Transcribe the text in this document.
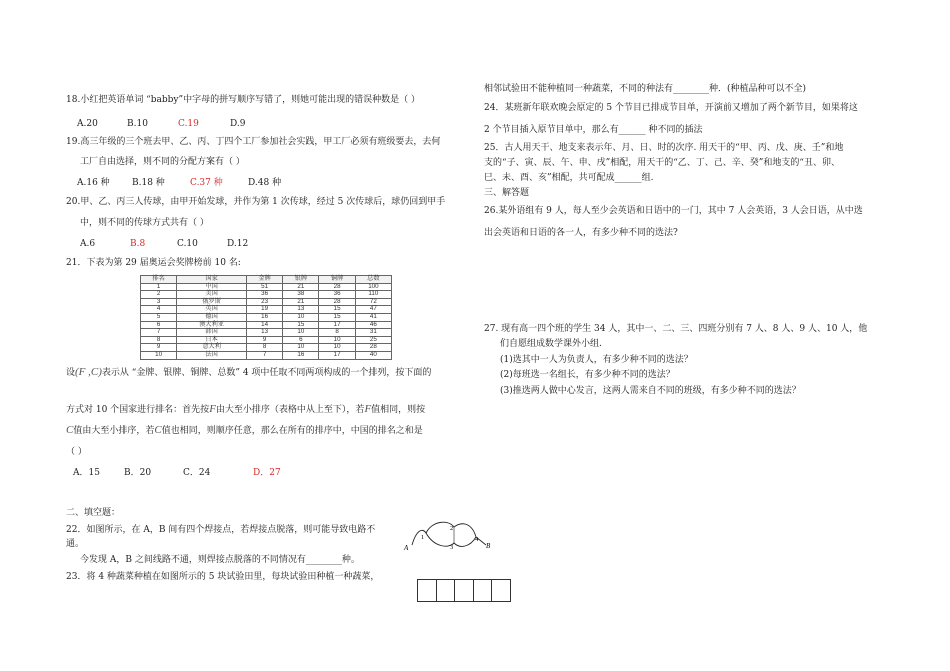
18.小红把英语单词 “babby”中字母的拼写顺序写错了，则她可能出现的错误种数是（ ）
A.20	B.10	C.19	D.9
19.高三年级的三个班去甲、乙、丙、丁四个工厂参加社会实践，甲工厂必须有班级要去，去何
工厂自由选择，则不同的分配方案有（ ）
A.16 种 B.18 种	C.37 种	D.48 种
20.甲、乙、丙三人传球，由甲开始发球，并作为第 1 次传球，经过 5 次传球后，球仍回到甲手
中，则不同的传球方式共有（ ）
A.6	B.8	C.10	D.12
21．下表为第 29 届奥运会奖牌榜前 10 名:
排名	国家	金牌	银牌	铜牌	总数
1	中国	51	21	28	100
2	美国	36	38	36	110
3	俄罗斯	23	21	28	72
4	英国	19	13	15	47
5	德国	16	10	15	41
6	澳大利亚	14	15	17	46
7	韩国	13	10	8	31
8	日本	9	6	10	25
9	意大利	8	10	10	28
10	法国	7	16	17	40
设(F ,C)表示从 “金牌、银牌、铜牌、总数” 4 项中任取不同两项构成的一个排列，按下面的
方式对 10 个国家进行排名：首先按F由大至小排序（表格中从上至下），若F值相同，则按
C值由大至小排序，若C值也相同，则顺序任意，那么在所有的排序中，中国的排名之和是
（ ）
A．15	B．20	C．24	D．27
二、填空题：
22．如图所示，在 A，B 间有四个焊接点，若焊接点脱落，则可能导致电路不
通。
今发现 A，B 之间线路不通，则焊接点脱落的不同情况有________种。
A	B
1
2
3
4
23．将 4 种蔬菜种植在如图所示的 5 块试验田里，每块试验田种植一种蔬菜，
相邻试验田不能种植同一种蔬菜，不同的种法有________种．(种植品种可以不全)
24．某班新年联欢晚会原定的 5 个节目已排成节目单，开演前又增加了两个新节目，如果将这
2 个节目插入原节目单中，那么有______ 种不同的插法
25．古人用天干、地支来表示年、月、日、时的次序. 用天干的“甲、丙、戊、庚、壬”和地
支的“子、寅、辰、午、申、戌”相配，用天干的“乙、丁、己、辛、癸”和地支的“丑、卯、
巳、未、酉、亥”相配，共可配成______组.
三、解答题
26.某外语组有 9 人，每人至少会英语和日语中的一门，其中 7 人会英语，3 人会日语，从中选
出会英语和日语的各一人，有多少种不同的选法?
27. 现有高一四个班的学生 34 人，其中一、二、三、四班分别有 7 人、8 人、9 人、10 人，他
们自愿组成数学课外小组.
(1)选其中一人为负责人，有多少种不同的选法？
(2)每班选一名组长，有多少种不同的选法？
(3)推选两人做中心发言，这两人需来自不同的班级，有多少种不同的选法？
